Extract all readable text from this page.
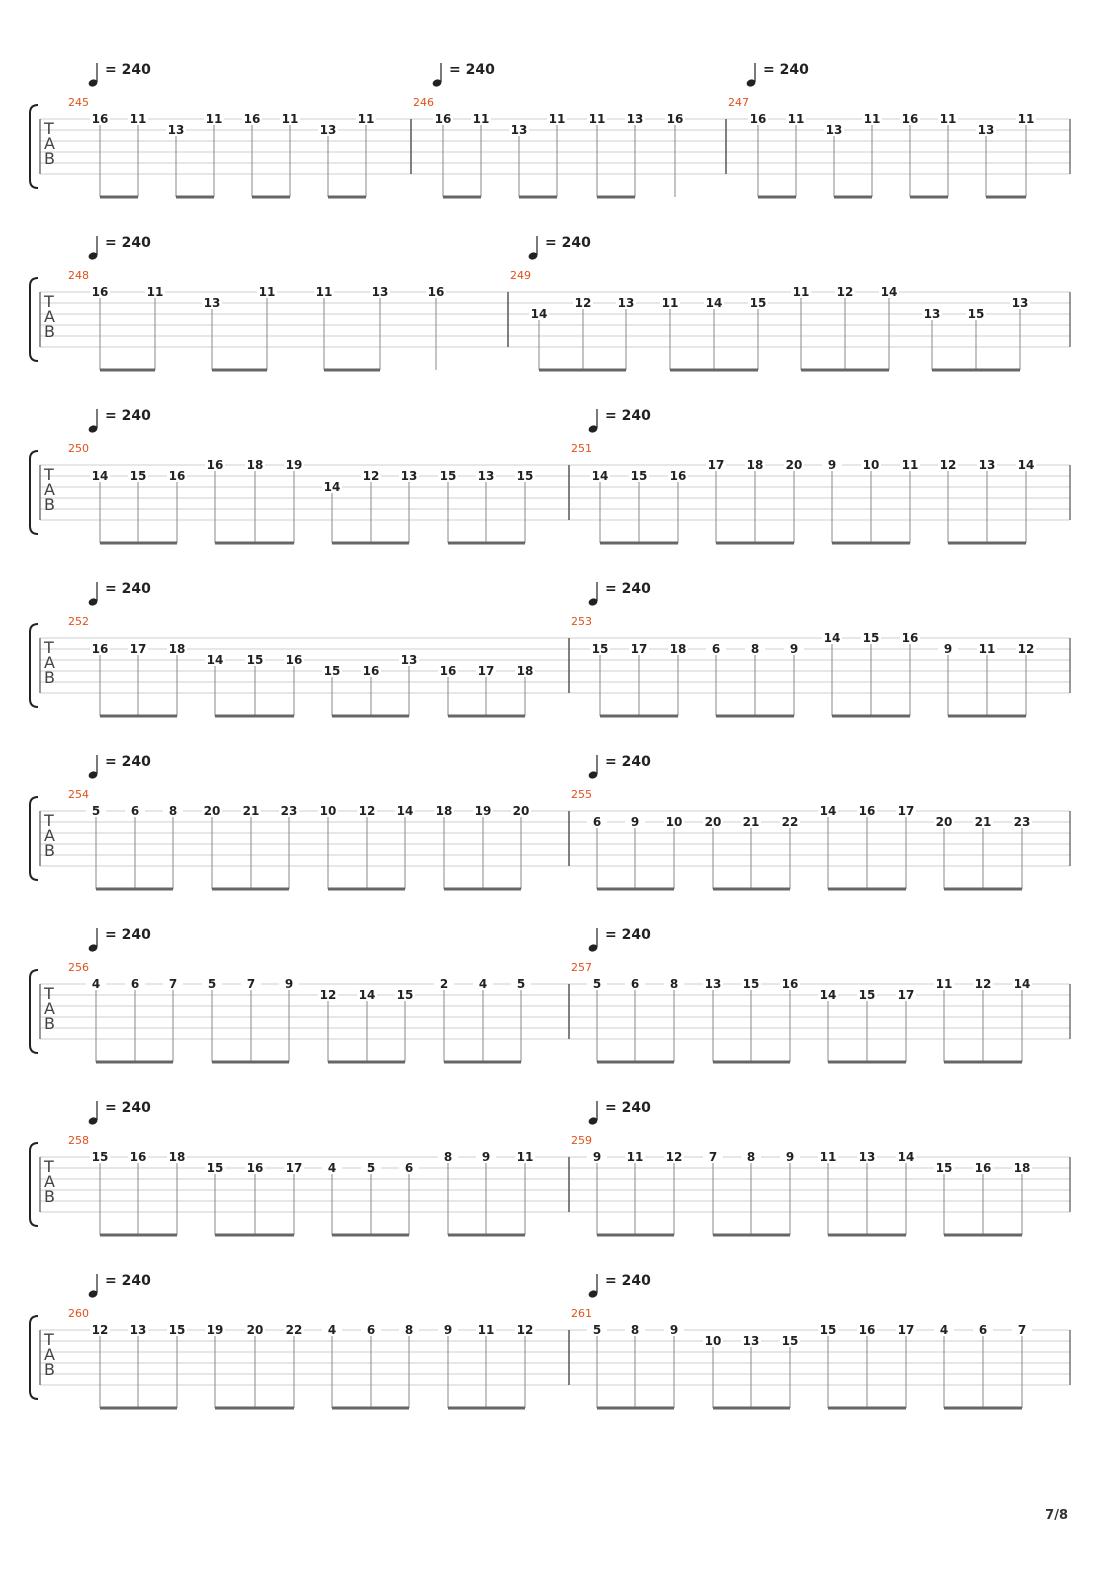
T
A
B
245
= 240
16 11
13
11 16 11
13
11
246
= 240
16 11
13
11 11 13 16
247
= 240
16 11
13
11 16 11
13
11
T
A
B
248
= 240
16	11
13
11	11	13	16
249
= 240
14
12 13 11 14 15
11 12 14
13 15
13
T
A
B
250
= 240
14 15 16
16 18 19
14
12 13 15 13 15
251
= 240
14 15 16
17 18 20 9 10 11 12 13 14
T
A
B
252
= 240
16 17 18
14 15 16
15 16
13
16 17 18
253
= 240
15 17 18 6	8	9
14 15 16
9 11 12
T
A
B
254
= 240
5	6 8 20 21 23 10 12 14 18 19 20
255
= 240
6 9 10 20 21 22
14 16 17
20 21 23
T
A
B
256
= 240
4	6 7	5	7 9
12 14 15
2	4 5
257
= 240
5 6	8 13 15 16
14 15 17
11 12 14
T
A
B
258
= 240
15 16 18
15 16 17 4	5 6
8 9 11
259
= 240
9 11 12 7 8	9 11 13 14
15 16 18
T
A
B
260
= 240
12 13 15 19 20 22 4	6 8	9 11 12
261
= 240
5 8	9
10 13 15
15 16 17 4	6	7
7/8
